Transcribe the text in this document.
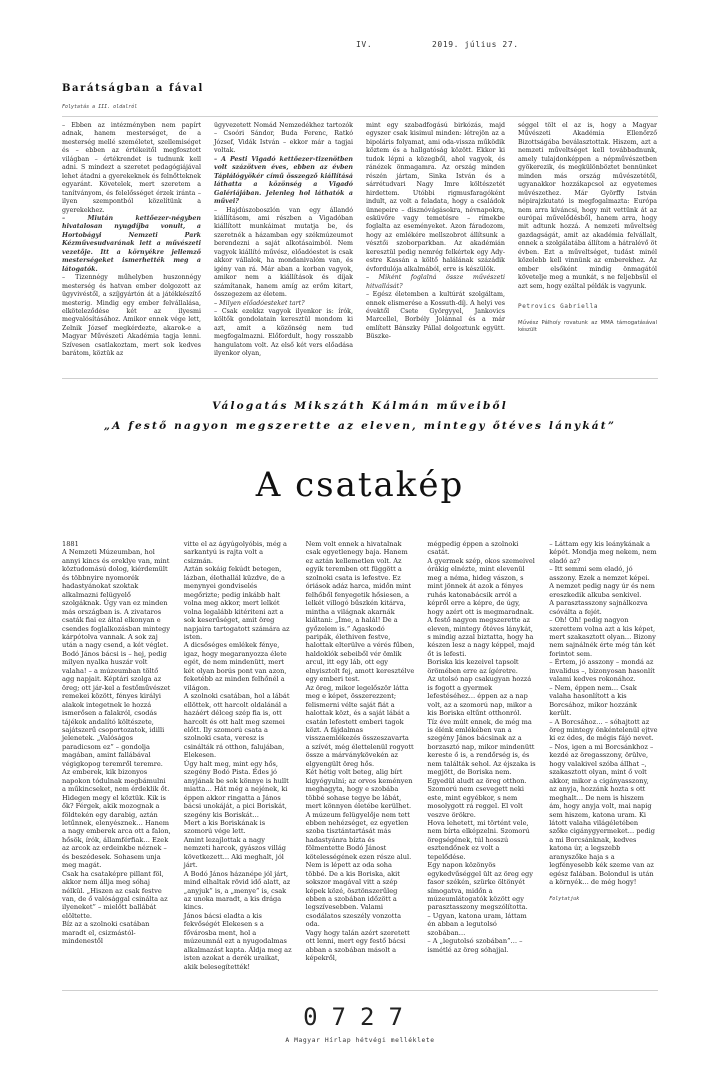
IV.	2019. július 27.
Barátságban a fával
Folytatás a III. oldalról

– Ebben az intézményben nem papírt adnak, hanem mesterséget, de a mesterség mellé személetet, szellemiséget és – ebben az értékeitől megfosztott világban – értékrendet is tudnunk kell adni. S mindezt a szeretet pedagógiájával lehet átadni a gyerekeknek és felnőtteknek egyaránt. Követelek, mert szeretem a tanítványom, és felelősséget érzek iránta – ilyen szempontból közelítünk a gyerekekhez.

– Miután kettőezer-négyben hivatalosan nyugdíjba vonult, a Hortobágyi Nemzeti Park Kézművesudvarának lett a művészeti vezetője. Itt a környékre jellemző mesterségeket ismerhették meg a látogatók.

– Tizennégy műhelyben huszonnégy mesterség és hatvan ember dolgozott az ügyvivéstől, a szíjgyártón át a játékkészítő mesterig. Mindig egy ember felvállalása, elköteleződése két az ilyesmi megvalósításához. Amikor ennek vége lett, Zelnik József megkérdezte, akarok-e a Magyar Művészeti Akadémia tagja lenni. Szívesen csatlakoztam, mert sok kedves barátom, köztük az

ügyvezetett Nomád Nemzedékhez tartozók – Csoóri Sándor, Buda Ferenc, Ratkó József, Vidák István – ekkor már a tagjai voltak.

– A Pesti Vigadó kettőezer-tizenötben volt százötven éves, ebben az évben Táplálógyökér című összegző kiállításá láthatta a közönség a Vigadó Galériájában. Jelenleg hol láthatók a művei?

– Hajdúszoboszlón van egy állandó kiállításom, ami részben a Vigadóban kiállított munkáimat mutatja be, és szeretnék a házamban egy székmúzeumot berendezni a saját alkotásaimból. Nem vagyok kiállító művész, előadóestet is csak akkor vállalok, ha mondanivalóm van, és igény van rá. Már aban a korban vagyok, amikor nem a kiállítások és díjak számítanak, hanem amíg az erőm kitart, összegezem az életem.

– Milyen előadóesteket tart?

– Csak ezekkz vagyok ilyenkor is: írók, költők gondolatain keresztül mondom ki azt, amit a közönség nem tud megfogalmazni. Előfordult, hogy rosszabb hangulatom volt. Az első két vers előadása ilyenkor olyan,

mint egy szabadfogású birkózás, majd egyszer csak kisimul minden: létrejön az a bipoláris folyamat, ami oda-vissza működik köztem és a hallgatóság között. Ekkor ki tudok lépni a közegből, ahol vagyok, és ránézek önmagamra. Az ország minden részén jártam, Sinka István és a sárrétudvari Nagy Imre költészetét hirdettem. Utóbbi rigmusfaragóként indult, az volt a feladata, hogy a családok ünnepeire – disznóvágásokra, névnapokra, esküvőre vagy temetésre – rímekbe foglalta az eseményeket. Azon fáradozom, hogy az emlékére mellszobrot állítsunk a vésztői szoborparkban. Az akadémián keresztül pedig nemrég felkértek egy Ady-estre Kassán a költő halálának százádik évfordulója alkalmából, erre is készülök.

– Miként foglalná össze művészeti hitvallását?

– Egész életemben a kultúrát szolgáltam, ennek elismerése a Kossuth-díj. A helyi ves évektől Csete Györgyyel, Jankovics Marcellel, Borbély Jolánnal és a már említett Bánszky Pállal dolgoztunk együtt. Büszke-

séggel tölt el az is, hogy a Magyar Művészeti Akadémia Ellenőrző Bizottságába beválasztottak. Hiszem, azt a nemzeti műveltséget kell továbbadnunk, amely tulajdonképpen a népművészetben gyökerezik, és megkülönböztet bennünket minden más ország művészetétől, ugyanakkor hozzákapcsol az egyetemes művészethez. Már Györffy István népirajzkutató is megfogalmazta: Európa nem arra kíváncsi, hogy mit vettünk át az európai művelődésből, hanem arra, hogy mit adtunk hozzá. A nemzeti műveltség gazdagságát, amit az akadémia felvállalt, ennek a szolgálatába állítom a hátralévő öt évben. Ezt a műveltséget, tudást minél közelebb kell vinnünk az emberekhez. Az ember elsőként mindig önmagától követelje meg a munkát, s ne feljebbsül el azt sem, hogy ezáltal példák is vagyunk.

Petrovics Gabriella

Művész Pálhoíy rovatunk az MMA támogatásával készült

Válogatás Mikszáth Kálmán műveiből
„A festő nagyon megszerette az eleven, mintegy őtéves lánykát”
A csatakép

1881

A Nemzeti Múzeumban, hol annyi kincs és ereklye van, mint köztudomású dolog, kiérdemült és többnyire nyomorék hadastyánokat szoktak alkalmazni felügyelő szolgáknak. Úgy van ez minden más országban is. A zivataros csaták fiai ez által elkonyan e csendes foglalkozásban mintegy kárpótolva vannak. A sok zaj után a nagy csend, a két véglet.

Bodó János bácsi is – hej, pedig milyen nyalka huszár volt valaha! – a múzeumban töltő agg napjait. Képtári szolga az öreg; ott jár-kel a festőművészet remekei között, fényes királyi alakok integetnek le hozzá ismerősen a falakról, csodás tájékok andalító költészete, sajátszerű csoportozatok, idilli jelenetek. „Valóságos paradicsom ez” – gondolja magában, amint fallábával végigkopog teremről teremre.

Az emberek, kik bizonyos napokon tódulnak megbámulni a műkincseket, nem érdeklik őt. Hidegen megy el köztük. Kik is ők? Férgek, akik mozognak a földtekén egy darabig, aztán letűnnek, elenyésznek… Hanem a nagy emberek arca ott a falon, hősök, írók, államférfiak… Ezek az arcok az erdeinkbe néznek – és beszédesek. Sohasem unja meg magát.

Csak ha csataképre pillant föl, akkor nem állja meg sóhaj nélkül. „Hiszen az csak festve van, de ő valósággal csinálta az ilyeneket” – mielőtt ballábát elöltette.

Bíz az a szolnoki csatában maradt el, csizmástól-mindenestől

vitte el az ágyúgolyóbis, még a sarkantyú is rajta volt a csizmán.

Aztán sokáig fekúdt betegen, lázban, élethallál küzdve, de a menynyei gondviselés megőrizte; pedig inkább halt volna meg akkor, mert lelkét volna legalább kitériteni azt a sok keserűséget, amit öreg napjaira tartogatott számára az isten.

A dicsőséges emlékek fénye, igaz, hogy megaranyozza élete egét, de nem mindenütt, mert két olyan borús pont van azon, feketébb az minden felhőnél a világon.

A szolnoki csatában, hol a lábát ellöttek, ott harcolt oldalánál a hazáért délceg szép fia is, ott harcolt és ott halt meg szemei előtt. Ily szomorú csata a szolnoki csata, veresz is csinálták rá otthon, falujában, Elekesen.

Úgy halt meg, mint egy hős, szegény Bodó Pista. Édes jó anyjának be sok könnye is hullt miatta… Hát még a nejének, ki éppen akkor ringatta a János bácsi unokáját, a pici Boriskát, szegény kis Boriskát…

Mert a kis Boriskának is szomorú vége lett.

Amint lezajlottak a nagy nemzeti harcok, gyászos villág következett… Aki meghalt, jól járt.

A Bodó János házanépe jól járt, mind elhaltak rövid idő alatt, az „anyjuk” is, a „menye” is, csak az unoka maradt, a kis drága kincs.

János bácsi eladta a kis fekvőségét Elekesen s a fővárosba ment, hol a múzeumnál ezt a nyugodalmas alkalmazást kapta. Áldja meg az isten azokat a derék uraikat, akik belesegítették!

Nem volt ennek a hivatalnak csak egyetlenegy baja. Hanem ez aztán kellemetlen volt. Az egyik teremben ott függött a szolnoki csata is lefestve. Ez óriások adáz harca, midőn mint felhőből fenyegetik hősiesen, a lelkét villogó bűszkén kitárva, mintha a világnak akarnák kiáltani: „Íme, a halál! De a győzelem is.” Agaskodó paripák, élethiven festve, halottak elterülve a vérés fűben, haldoklók sebeiből vér ömlik arcul, itt egy láb, ott egy elnyisztolt fej, amott keresztélve egy emberi test.

Az öreg, mikor legelőször látta meg e képet, összerezzent; felismerni vélte saját fiát a halottak közt, és a saját lábát a csatán lefestett emberi tagok közt. A fájdalmas visszaemlékezés összeszavarta a szívét, még élettelenül rogyott össze a márványkövekén az elgyengült öreg hős.

Két hétig volt beteg, alig bírt kigyógyulni; az orvos keményen meghagyta, hogy e szobába többé sohase tegye be lábát, mert könnyen életébe kerülhet. A múzeum felügyelője nem tett ebben nehézséget, ez egyetlen szoba tisztántartását más hadastyánra bízta és fölmentette Bodó Jánost kötelességének ezen része alul.

Nem is lépett az oda soha többé. De a kis Boriska, akit sokszor magával vitt a szép képek közé, ösztönszerűleg ebben a szobában időzött a legszívesebben. Valami csodálatos szeszély vonzotta oda.

Vagy hogy talán azért szeretett ott lenni, mert egy festő bácsi abban a szobában másolt a képekről,

mégpedig éppen a szolnoki csatát.

A gyermek szép, okos szemeivel órákig elnézte, mint elevenül meg a néma, hideg vászon, s mint jönnek át azok a fényes ruhás katonabácsik arról a képről erre a képre, de úgy, hogy azért ott is megmaradnak.

A festő nagyon megszerette az eleven, mintegy őtéves lánykát, s mindig azzal biztatta, hogy ha készen lesz a nagy képpel, majd őt is lefesti.

Boriska kis kezeivel tapsolt örömében erre az ígéretre.

Az utolsó nap csakugyan hozzá is fogott a gyermek lefestéséhez… éppen az a nap volt, az a szomorú nap, mikor a kis Boriska eltűnt otthonról.

Tíz éve múlt ennek, de még ma is élénk emlékében van a szegény János bácsinak az a borzasztó nap, mikor mindenütt kereste ő is, a rendőrség is, és nem találták sehol. Az éjszaka is megjött, de Boriska nem. Egyedül aludt az öreg otthon. Szomorú nem csevegett neki este, mint egyébkor, s nem mosolygott rá reggel. El volt veszve örökre.

Hova lehetett, mi történt vele, nem bírta elképzelni. Szomorú öregségének, túl hosszú esztendőnek ez volt a tepelődése.

Egy napon közönyös egykedvűséggel ült az öreg egy fasor székén, szürke öltönyét símogatva, midőn a múzeumlátogatók között egy parasztasszony megszólította.

– Ugyan, katona uram, láttam én abban a legutolsó szobában…

– A „legutolsó szobában”… – ismétlé az öreg sóhajjal.

– Láttam egy kis leánykának a képét. Mondja meg nekem, nem eladó az?

– Itt semmi sem eladó, jó asszony. Ezek a nemzet képei.

A nemzet pedig nagy úr és nem ereszkedik alkuba senkivel.

A parasztasszony sajnálkozva csóválta a fejét.

– Oh! Oh! pedig nagyon szerettem volna azt a kis képet, mert szakasztott olyan… Bizony nem sajnálnék érte még tán két forintot sem.

– Értem, jó asszony – mondá az invalidus –, bizonyosan hasonlít valami kedves rokonához.

– Nem, éppen nem… Csak valaha hasonlított a kis Borcsához, mikor hozzánk került.

– A Borcsához… – sóhajtott az öreg mintegy önkéntelenül ejtve ki ez édes, de mégis fájó nevet.

– Nos, igen a mi Borcsánkhoz – kezdé az öregasszony, örülve, hogy valakivel szóba állhat –, szakasztott olyan, mint ő volt akkor, mikor a cigányasszony, az anyja, hozzánk hozta s ott meghalt… De nem is hiszem ám, hogy anyja volt, mai napig sem hiszem, katona uram. Ki látott valaha világéletében szőke cigánygyermeket… pedig a mi Borcsánknak, kedves katona úr, a legszebb aranyszőke haja s a legfényesebb kék szeme van az egész falában. Bolondul is után a környék… de még hogy!

Folytatjuk

0727
A Magyar Hírlap hétvégi melléklete
